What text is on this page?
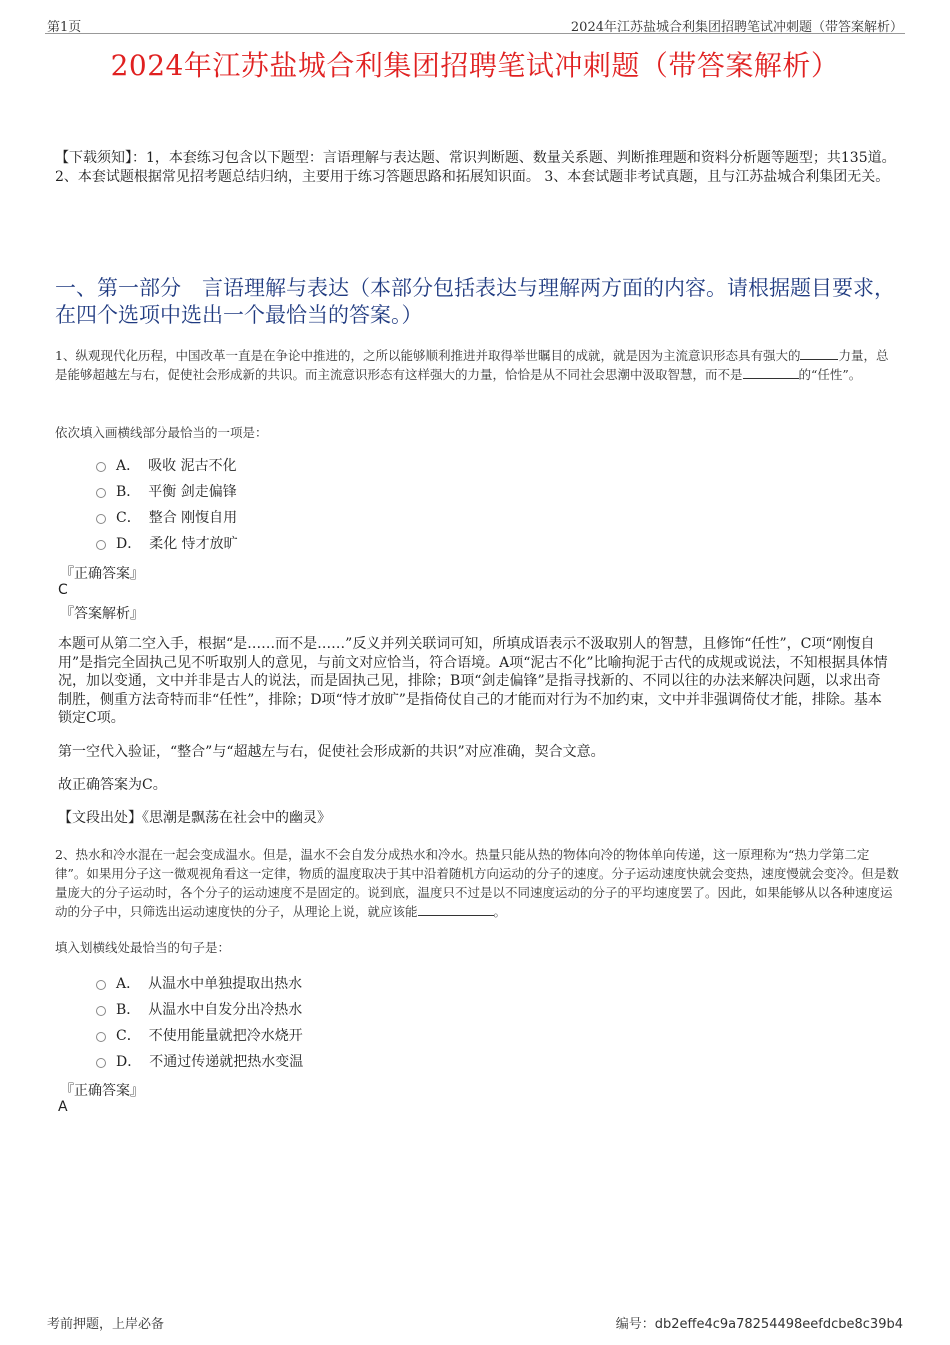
第1页	2024年江苏盐城合利集团招聘笔试冲刺题（带答案解析）
2024年江苏盐城合利集团招聘笔试冲刺题（带答案解析）
【下载须知】：1，本套练习包含以下题型：言语理解与表达题、常识判断题、数量关系题、判断推理题和资料分析题等题型；共135道。 2、本套试题根据常见招考题总结归纳，主要用于练习答题思路和拓展知识面。 3、本套试题非考试真题，且与江苏盐城合利集团无关。
一、第一部分　言语理解与表达（本部分包括表达与理解两方面的内容。请根据题目要求，在四个选项中选出一个最恰当的答案。）
1、纵观现代化历程，中国改革一直是在争论中推进的，之所以能够顺利推进并取得举世瞩目的成就，就是因为主流意识形态具有强大的	力量，总是能够超越左与右，促使社会形成新的共识。而主流意识形态有这样强大的力量，恰恰是从不同社会思潮中汲取智慧，而不是	的“任性”。
依次填入画横线部分最恰当的一项是：
A． 吸收 泥古不化
B． 平衡 剑走偏锋
C． 整合 刚愎自用
D． 柔化 恃才放旷
『正确答案』
C
『答案解析』
本题可从第二空入手，根据“是……而不是……”反义并列关联词可知，所填成语表示不汲取别人的智慧，且修饰“任性”，C项“刚愎自用”是指完全固执己见不听取别人的意见，与前文对应恰当，符合语境。A项“泥古不化”比喻拘泥于古代的成规或说法，不知根据具体情况，加以变通，文中并非是古人的说法，而是固执己见，排除；B项“剑走偏锋”是指寻找新的、不同以往的办法来解决问题，以求出奇制胜，侧重方法奇特而非“任性”，排除；D项“恃才放旷”是指倚仗自己的才能而对行为不加约束，文中并非强调倚仗才能，排除。基本锁定C项。
第一空代入验证，“整合”与“超越左与右，促使社会形成新的共识”对应准确，契合文意。
故正确答案为C。
【文段出处】《思潮是飘荡在社会中的幽灵》
2、热水和冷水混在一起会变成温水。但是，温水不会自发分成热水和冷水。热量只能从热的物体向冷的物体单向传递，这一原理称为“热力学第二定律”。如果用分子这一微观视角看这一定律，物质的温度取决于其中沿着随机方向运动的分子的速度。分子运动速度快就会变热，速度慢就会变冷。但是数量庞大的分子运动时，各个分子的运动速度不是固定的。说到底，温度只不过是以不同速度运动的分子的平均速度罢了。因此，如果能够从以各种速度运动的分子中，只筛选出运动速度快的分子，从理论上说，就应该能	。
填入划横线处最恰当的句子是：
A． 从温水中单独提取出热水
B． 从温水中自发分出冷热水
C． 不使用能量就把冷水烧开
D． 不通过传递就把热水变温
『正确答案』
A
考前押题，上岸必备	编号：db2effe4c9a78254498eefdcbe8c39b4
